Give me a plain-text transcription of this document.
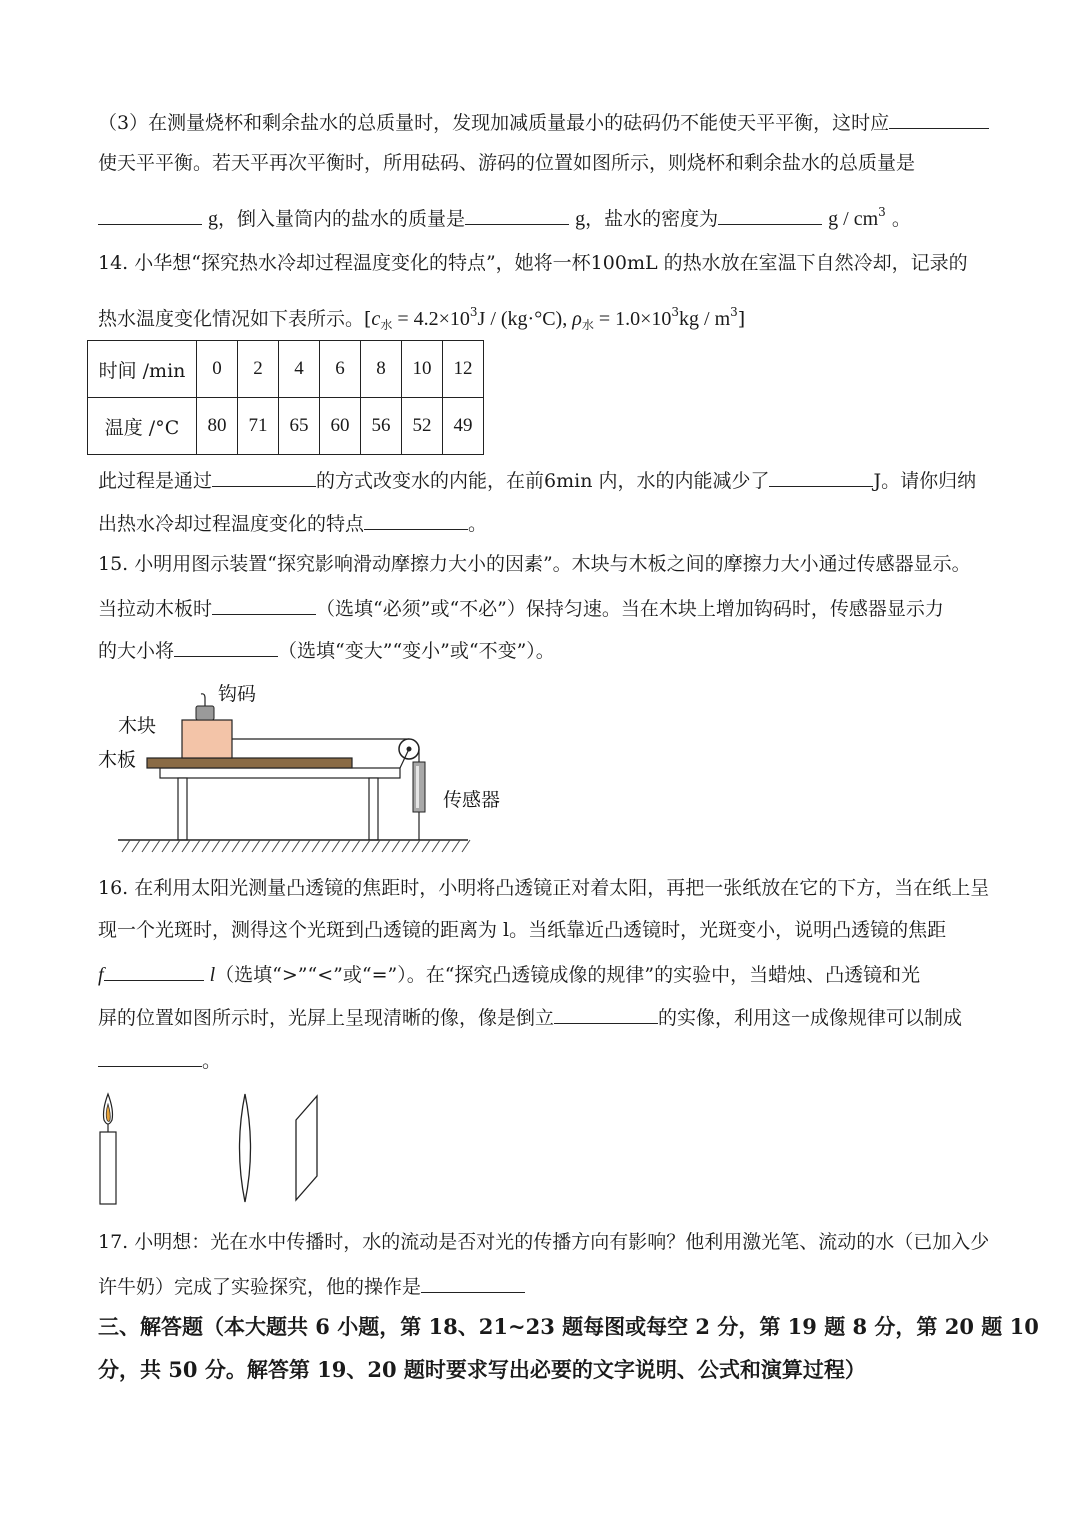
（3）在测量烧杯和剩余盐水的总质量时，发现加减质量最小的砝码仍不能使天平平衡，这时应
使天平平衡。若天平再次平衡时，所用砝码、游码的位置如图所示，则烧杯和剩余盐水的总质量是
g，倒入量筒内的盐水的质量是	g，盐水的密度为	g / $cm^3$ 。
14. 小华想“探究热水冷却过程温度变化的特点”，她将一杯100mL 的热水放在室温下自然冷却，记录的
热水温度变化情况如下表所示。[$c_水 = 4.2\times 10^3J / (kg\cdot^\circ C)$, $\rho_水 = 1.0\times 10^3kg / m^3$]
时间 /min	0	2	4	6	8	10	12
温度 /°C	80	71	65	60	56	52	49
此过程是通过	的方式改变水的内能，在前6min 内，水的内能减少了	J。请你归纳
出热水冷却过程温度变化的特点	。
15. 小明用图示装置“探究影响滑动摩擦力大小的因素”。木块与木板之间的摩擦力大小通过传感器显示。
当拉动木板时	（选填“必须”或“不必”）保持匀速。当在木块上增加钩码时，传感器显示力
的大小将	（选填“变大”“变小”或“不变”）。
钩码
木块
木板
传感器
16. 在利用太阳光测量凸透镜的焦距时，小明将凸透镜正对着太阳，再把一张纸放在它的下方，当在纸上呈
现一个光斑时，测得这个光斑到凸透镜的距离为 l。当纸靠近凸透镜时，光斑变小，说明凸透镜的焦距
f	l（选填“>”“<”或“=”）。在“探究凸透镜成像的规律”的实验中，当蜡烛、凸透镜和光
屏的位置如图所示时，光屏上呈现清晰的像，像是倒立	的实像，利用这一成像规律可以制成
。
17. 小明想：光在水中传播时，水的流动是否对光的传播方向有影响？他利用激光笔、流动的水（已加入少
许牛奶）完成了实验探究，他的操作是
三、解答题（本大题共 6 小题，第 18、21~23 题每图或每空 2 分，第 19 题 8 分，第 20 题 10
分，共 50 分。解答第 19、20 题时要求写出必要的文字说明、公式和演算过程）
